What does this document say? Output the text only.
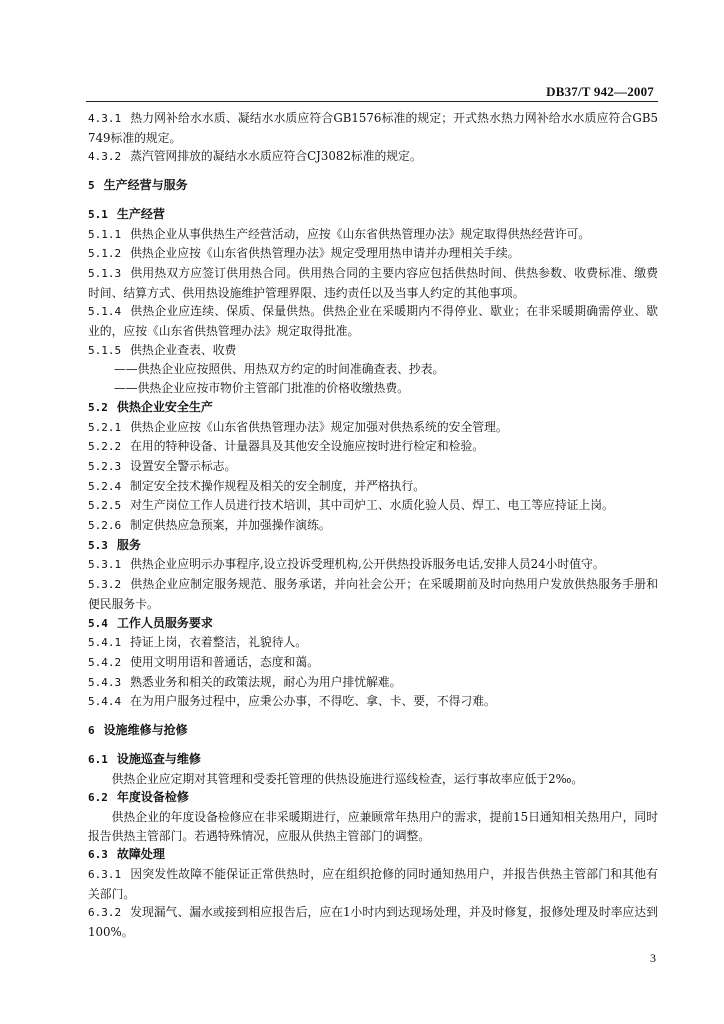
DB37/T 942—2007

4.3.1 热力网补给水水质、凝结水水质应符合GB1576标准的规定；开式热水热力网补给水水质应符合GB5749标准的规定。

4.3.2 蒸汽管网排放的凝结水水质应符合CJ3082标准的规定。

5 生产经营与服务

5.1 生产经营

5.1.1 供热企业从事供热生产经营活动，应按《山东省供热管理办法》规定取得供热经营许可。

5.1.2 供热企业应按《山东省供热管理办法》规定受理用热申请并办理相关手续。

5.1.3 供用热双方应签订供用热合同。供用热合同的主要内容应包括供热时间、供热参数、收费标准、缴费时间、结算方式、供用热设施维护管理界限、违约责任以及当事人约定的其他事项。

5.1.4 供热企业应连续、保质、保量供热。供热企业在采暖期内不得停业、歇业；在非采暖期确需停业、歇业的，应按《山东省供热管理办法》规定取得批准。

5.1.5 供热企业查表、收费

——供热企业应按照供、用热双方约定的时间准确查表、抄表。

——供热企业应按市物价主管部门批准的价格收缴热费。

5.2 供热企业安全生产

5.2.1 供热企业应按《山东省供热管理办法》规定加强对供热系统的安全管理。

5.2.2 在用的特种设备、计量器具及其他安全设施应按时进行检定和检验。

5.2.3 设置安全警示标志。

5.2.4 制定安全技术操作规程及相关的安全制度，并严格执行。

5.2.5 对生产岗位工作人员进行技术培训，其中司炉工、水质化验人员、焊工、电工等应持证上岗。

5.2.6 制定供热应急预案，并加强操作演练。

5.3 服务

5.3.1 供热企业应明示办事程序,设立投诉受理机构,公开供热投诉服务电话,安排人员24小时值守。

5.3.2 供热企业应制定服务规范、服务承诺，并向社会公开；在采暖期前及时向热用户发放供热服务手册和便民服务卡。

5.4 工作人员服务要求

5.4.1 持证上岗，衣着整洁，礼貌待人。

5.4.2 使用文明用语和普通话，态度和蔼。

5.4.3 熟悉业务和相关的政策法规，耐心为用户排忧解难。

5.4.4 在为用户服务过程中，应秉公办事，不得吃、拿、卡、要，不得刁难。

6 设施维修与抢修

6.1 设施巡查与维修

供热企业应定期对其管理和受委托管理的供热设施进行巡线检查，运行事故率应低于2‰。

6.2 年度设备检修

供热企业的年度设备检修应在非采暖期进行，应兼顾常年热用户的需求，提前15日通知相关热用户，同时报告供热主管部门。若遇特殊情况，应服从供热主管部门的调整。

6.3 故障处理

6.3.1 因突发性故障不能保证正常供热时，应在组织抢修的同时通知热用户，并报告供热主管部门和其他有关部门。

6.3.2 发现漏气、漏水或接到相应报告后，应在1小时内到达现场处理，并及时修复，报修处理及时率应达到100%。

3
